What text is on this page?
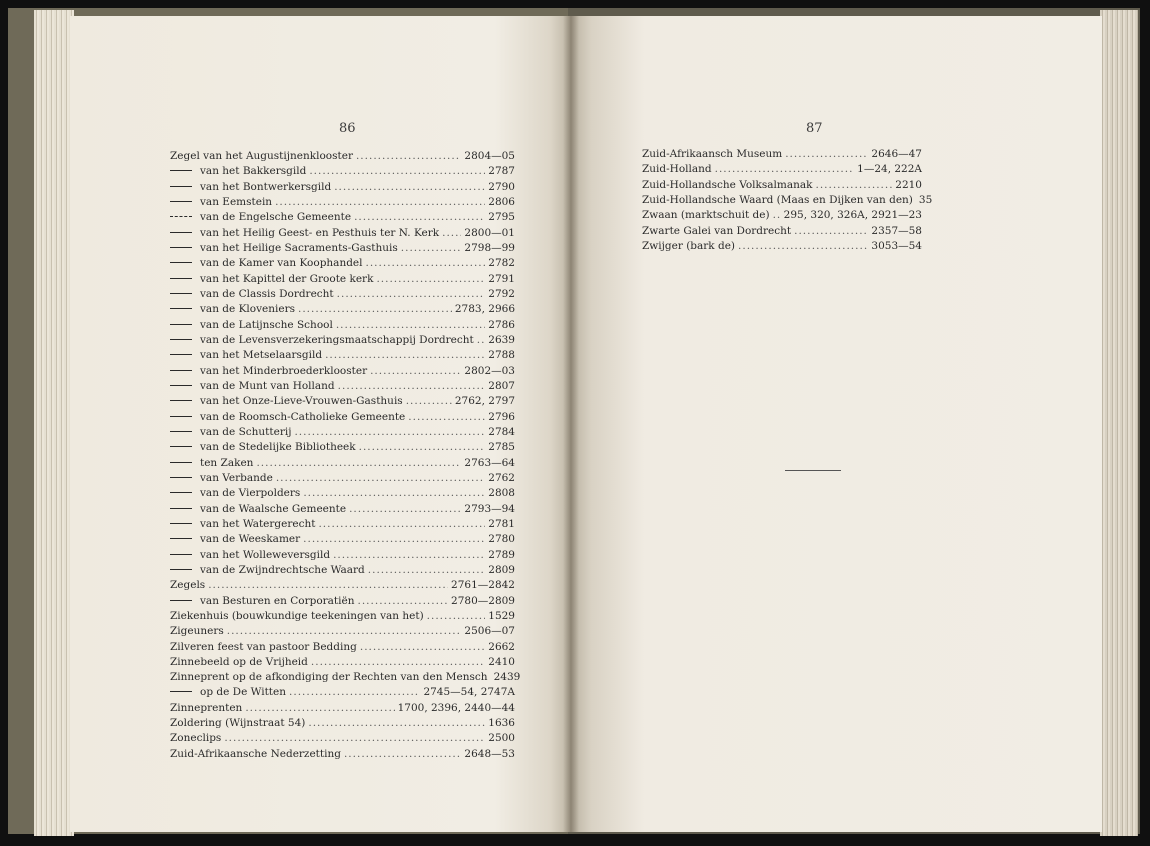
86	87
Zegel van het Augustijnenklooster .....	2804—05
van het Bakkersgild .....	2787
van het Bontwerkersgild .....	2790
van Eemstein .....	2806
van de Engelsche Gemeente .....	2795
van het Heilig Geest- en Pesthuis ter N. Kerk ..... 2800—01
van het Heilige Sacraments-Gasthuis .....	2798—99
van de Kamer van Koophandel .....	2782
van het Kapittel der Groote kerk .....	2791
van de Classis Dordrecht .....	2792
van de Kloveniers .....	2783, 2966
van de Latijnsche School .....	2786
van de Levensverzekeringsmaatschappij Dordrecht ..... 2639
van het Metselaarsgild .....	2788
van het Minderbroederklooster .....	2802—03
van de Munt van Holland .....	2807
van het Onze-Lieve-Vrouwen-Gasthuis .....	2762, 2797
van de Roomsch-Catholieke Gemeente .....	2796
van de Schutterij .....	2784
van de Stedelijke Bibliotheek .....	2785
ten Zaken .....	2763—64
van Verbande .....	2762
van de Vierpolders .....	2808
van de Waalsche Gemeente .....	2793—94
van het Watergerecht .....	2781
van de Weeskamer .....	2780
van het Wolleweversgild .....	2789
van de Zwijndrechtsche Waard .....	2809
Zegels .....	2761—2842
van Besturen en Corporatiën .....	2780—2809
Ziekenhuis (bouwkundige teekeningen van het) .....	1529
Zigeuners .....	2506—07
Zilveren feest van pastoor Bedding .....	2662
Zinnebeeld op de Vrijheid .....	2410
Zinneprent op de afkondiging der Rechten van den Mensch 2439
op de De Witten .....	2745—54, 2747A
Zinneprenten .....	1700, 2396, 2440—44
Zoldering (Wijnstraat 54) .....	1636
Zoneclips .....	2500
Zuid-Afrikaansche Nederzetting .....	2648—53
Zuid-Afrikaansch Museum .....	2646—47
Zuid-Holland .....	1—24, 222A
Zuid-Hollandsche Volksalmanak .....	2210
Zuid-Hollandsche Waard (Maas en Dijken van den) 35
Zwaan (marktschuit de) ..... 295, 320, 326A, 2921—23
Zwarte Galei van Dordrecht .....	2357—58
Zwijger (bark de) .....	3053—54
